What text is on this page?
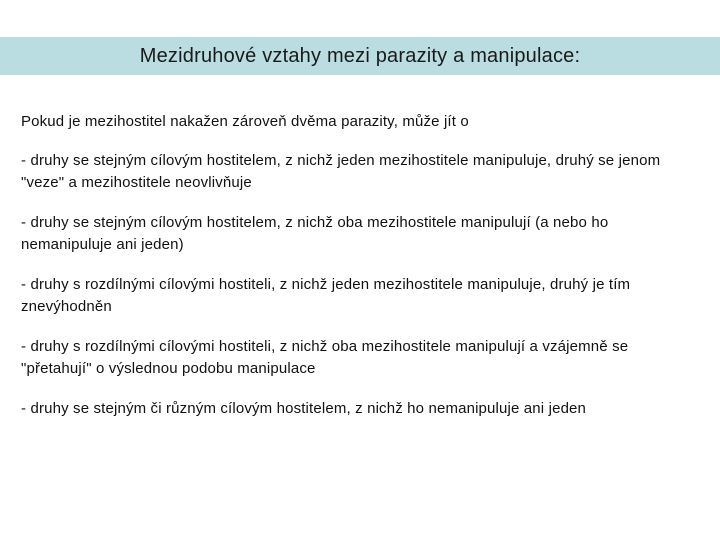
Mezidruhové vztahy mezi parazity a manipulace:

Pokud je mezihostitel nakažen zároveň dvěma parazity, může jít o

- druhy se stejným cílovým hostitelem, z nichž jeden mezihostitele manipuluje, druhý se jenom "veze" a mezihostitele neovlivňuje
- druhy se stejným cílovým hostitelem, z nichž oba mezihostitele manipulují (a nebo ho nemanipuluje ani jeden)
- druhy s rozdílnými cílovými hostiteli, z nichž jeden mezihostitele manipuluje, druhý je tím znevýhodněn
- druhy s rozdílnými cílovými hostiteli, z nichž oba mezihostitele manipulují a vzájemně se "přetahují" o výslednou podobu manipulace
- druhy se stejným či různým cílovým hostitelem, z nichž ho nemanipuluje ani jeden
